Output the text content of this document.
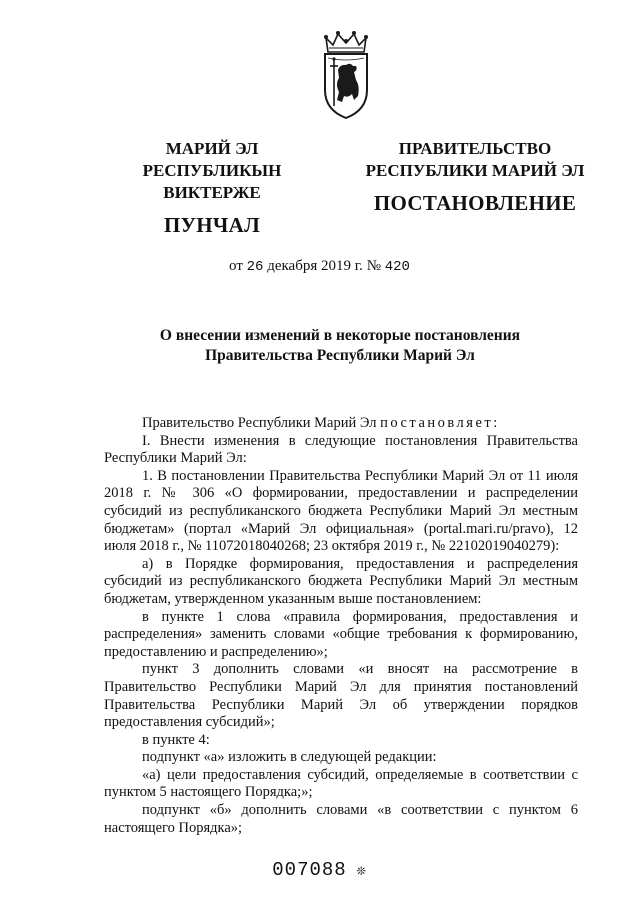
МАРИЙ ЭЛ РЕСПУБЛИКЫН
ВИКТЕРЖЕ
ПУНЧАЛ
ПРАВИТЕЛЬСТВО
РЕСПУБЛИКИ МАРИЙ ЭЛ
ПОСТАНОВЛЕНИЕ
от 26 декабря 2019 г. № 420
О внесении изменений в некоторые постановления
Правительства Республики Марий Эл

Правительство Республики Марий Эл постановляет:

I. Внести изменения в следующие постановления Правительства Республики Марий Эл:

1. В постановлении Правительства Республики Марий Эл от 11 июля 2018 г. № 306 «О формировании, предоставлении и распределении субсидий из республиканского бюджета Республики Марий Эл местным бюджетам» (портал «Марий Эл официальная» (portal.mari.ru/pravo), 12 июля 2018 г., № 11072018040268; 23 октября 2019 г., № 22102019040279):

а) в Порядке формирования, предоставления и распределения субсидий из республиканского бюджета Республики Марий Эл местным бюджетам, утвержденном указанным выше постановлением:

в пункте 1 слова «правила формирования, предоставления и распределения» заменить словами «общие требования к формированию, предоставлению и распределению»;

пункт 3 дополнить словами «и вносят на рассмотрение в Правительство Республики Марий Эл для принятия постановлений Правительства Республики Марий Эл об утверждении порядков предоставления субсидий»;

в пункте 4:

подпункт «а» изложить в следующей редакции:

«а) цели предоставления субсидий, определяемые в соответствии с пунктом 5 настоящего Порядка;»;

подпункт «б» дополнить словами «в соответствии с пунктом 6 настоящего Порядка»;

007088 ❊
